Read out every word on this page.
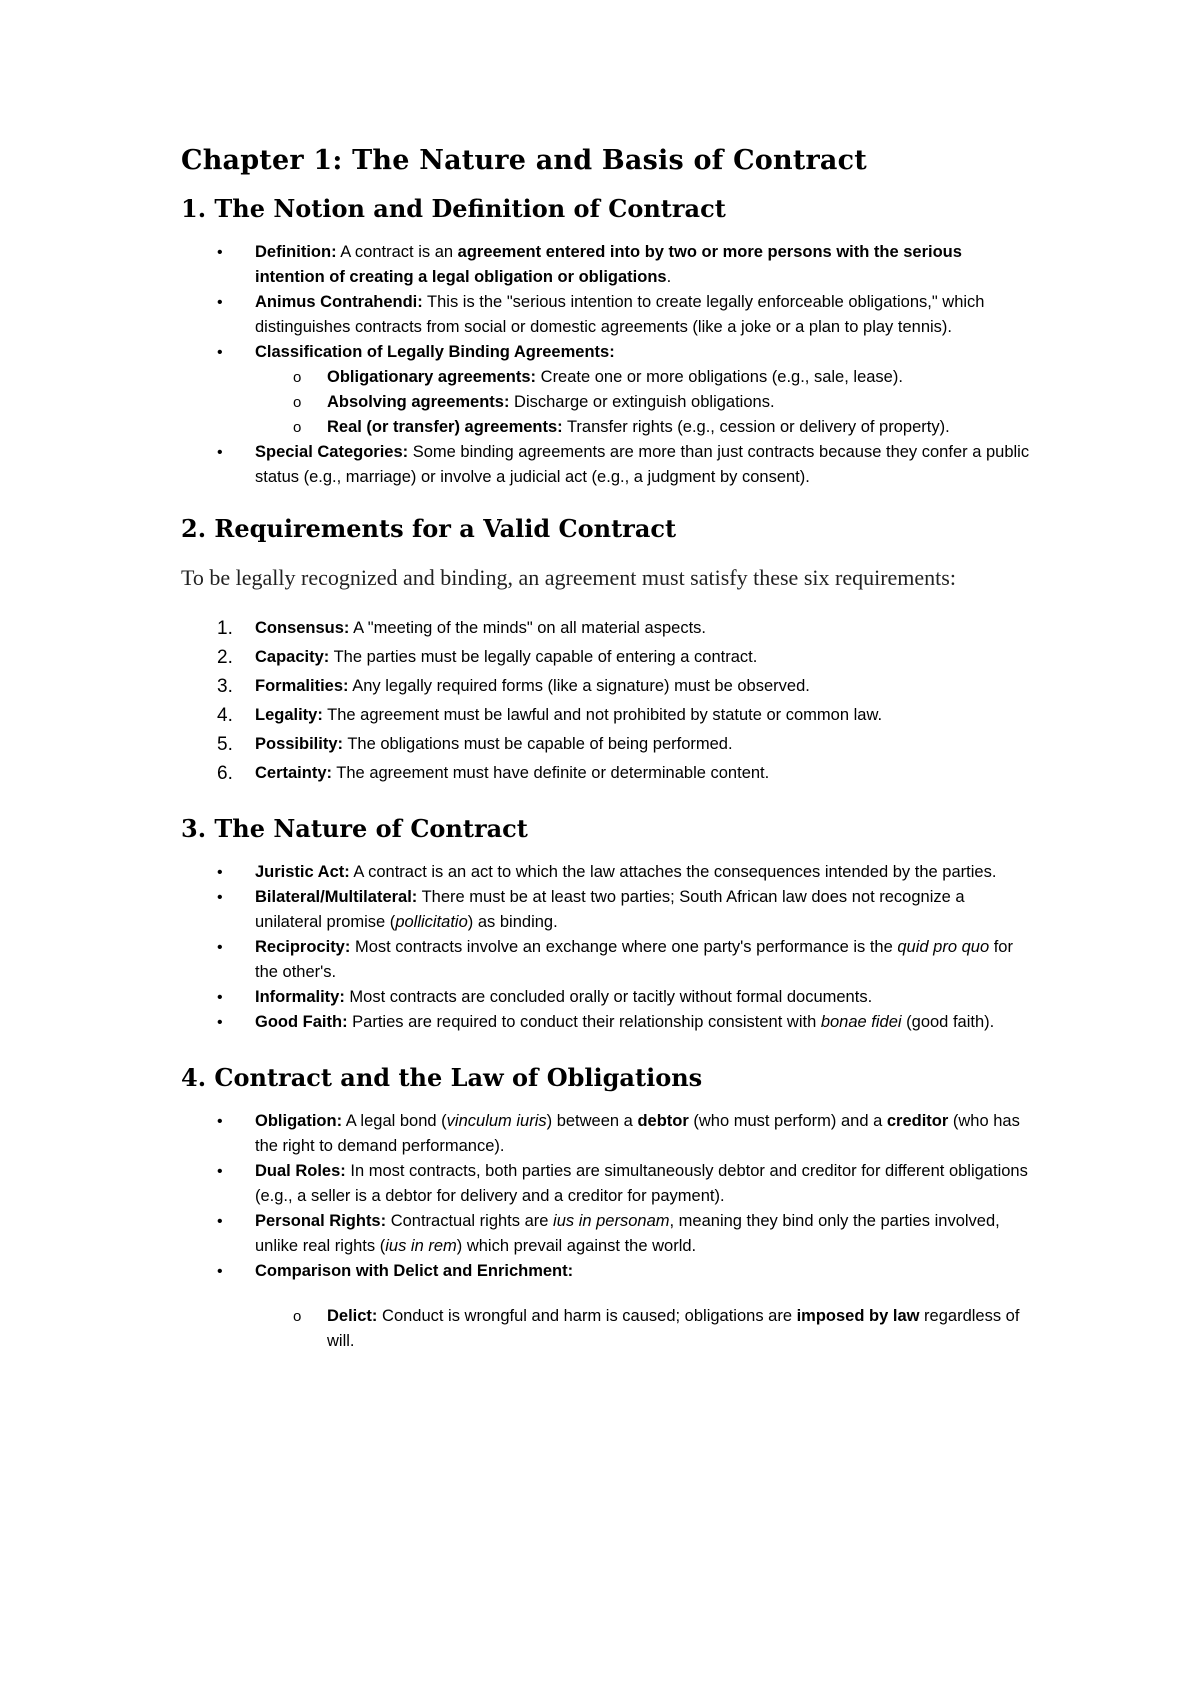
Chapter 1: The Nature and Basis of Contract
1. The Notion and Definition of Contract
• Definition: A contract is an agreement entered into by two or more persons with the serious intention of creating a legal obligation or obligations.
• Animus Contrahendi: This is the "serious intention to create legally enforceable obligations," which distinguishes contracts from social or domestic agreements (like a joke or a plan to play tennis).
• Classification of Legally Binding Agreements:
o Obligationary agreements: Create one or more obligations (e.g., sale, lease).
o Absolving agreements: Discharge or extinguish obligations.
o Real (or transfer) agreements: Transfer rights (e.g., cession or delivery of property).
• Special Categories: Some binding agreements are more than just contracts because they confer a public status (e.g., marriage) or involve a judicial act (e.g., a judgment by consent).
2. Requirements for a Valid Contract

To be legally recognized and binding, an agreement must satisfy these six requirements:

1. Consensus: A "meeting of the minds" on all material aspects.
2. Capacity: The parties must be legally capable of entering a contract.
3. Formalities: Any legally required forms (like a signature) must be observed.
4. Legality: The agreement must be lawful and not prohibited by statute or common law.
5. Possibility: The obligations must be capable of being performed.
6. Certainty: The agreement must have definite or determinable content.
3. The Nature of Contract
• Juristic Act: A contract is an act to which the law attaches the consequences intended by the parties.
• Bilateral/Multilateral: There must be at least two parties; South African law does not recognize a unilateral promise (pollicitatio) as binding.
• Reciprocity: Most contracts involve an exchange where one party's performance is the quid pro quo for the other's.
• Informality: Most contracts are concluded orally or tacitly without formal documents.
• Good Faith: Parties are required to conduct their relationship consistent with bonae fidei (good faith).
4. Contract and the Law of Obligations
• Obligation: A legal bond (vinculum iuris) between a debtor (who must perform) and a creditor (who has the right to demand performance).
• Dual Roles: In most contracts, both parties are simultaneously debtor and creditor for different obligations (e.g., a seller is a debtor for delivery and a creditor for payment).
• Personal Rights: Contractual rights are ius in personam, meaning they bind only the parties involved, unlike real rights (ius in rem) which prevail against the world.
• Comparison with Delict and Enrichment:
o Delict: Conduct is wrongful and harm is caused; obligations are imposed by law regardless of will.
